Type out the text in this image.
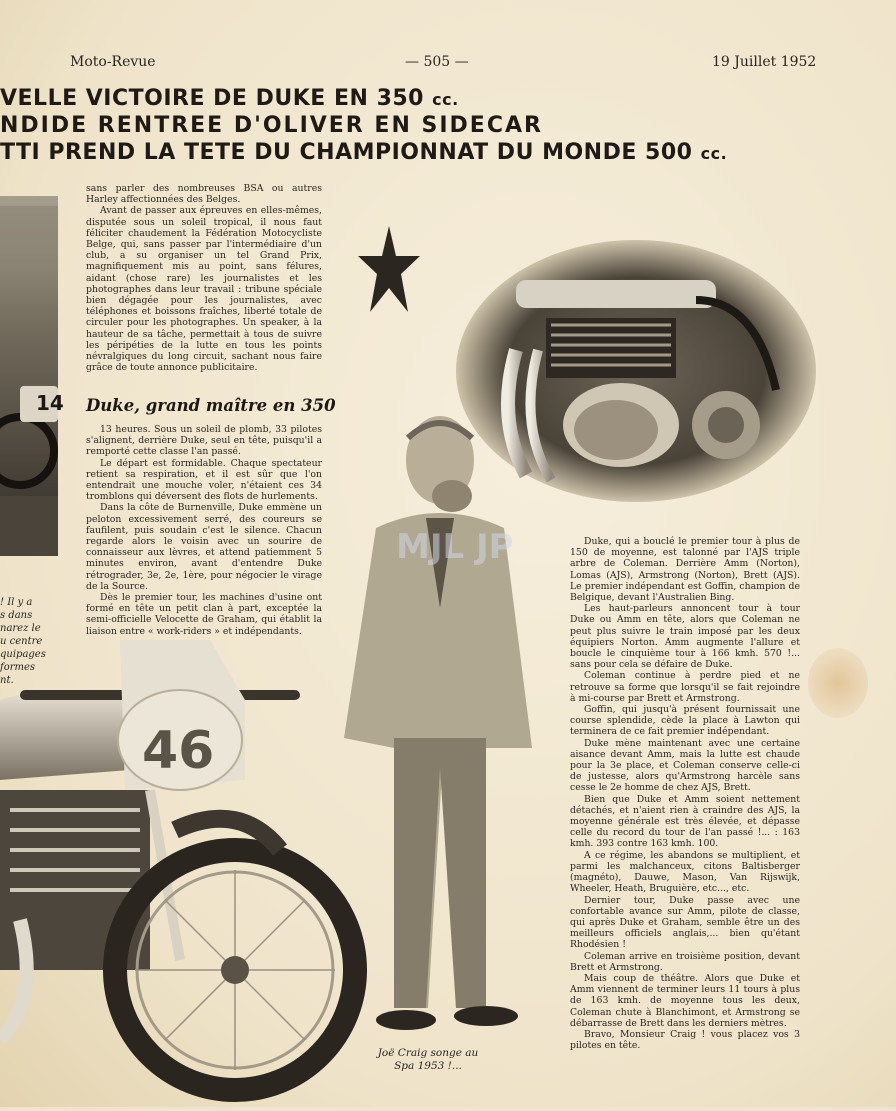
Moto-Revue	— 505 —	19 Juillet 1952
VELLE VICTOIRE DE DUKE EN 350 cc.
NDIDE RENTREE D'OLIVER EN SIDECAR
TTI PREND LA TETE DU CHAMPIONNAT DU MONDE 500 cc.
14
! Il y a
s dans
narez le
u centre
quipages
formes
nt.

sans parler des nombreuses BSA ou autres Harley affectionnées des Belges.

Avant de passer aux épreuves en elles-mêmes, disputée sous un soleil tropical, il nous faut féliciter chaudement la Fédération Motocycliste Belge, qui, sans passer par l'intermédiaire d'un club, a su organiser un tel Grand Prix, magnifiquement mis au point, sans félures, aidant (chose rare) les journalistes et les photographes dans leur travail : tribune spéciale bien dégagée pour les journalistes, avec téléphones et boissons fraîches, liberté totale de circuler pour les photographes. Un speaker, à la hauteur de sa tâche, permettait à tous de suivre les péripéties de la lutte en tous les points névralgiques du long circuit, sachant nous faire grâce de toute annonce publicitaire.

Duke, grand maître en 350

13 heures. Sous un soleil de plomb, 33 pilotes s'alignent, derrière Duke, seul en tête, puisqu'il a remporté cette classe l'an passé.

Le départ est formidable. Chaque spectateur retient sa respiration, et il est sûr que l'on entendrait une mouche voler, n'étaient ces 34 tromblons qui déversent des flots de hurlements.

Dans la côte de Burnenville, Duke emmène un peloton excessivement serré, des coureurs se faufilent, puis soudain c'est le silence. Chacun regarde alors le voisin avec un sourire de connaisseur aux lèvres, et attend patiemment 5 minutes environ, avant d'entendre Duke rétrograder, 3e, 2e, 1ère, pour négocier le virage de la Source.

Dès le premier tour, les machines d'usine ont formé en tête un petit clan à part, exceptée la semi-officielle Velocette de Graham, qui établit la liaison entre « work-riders » et indépendants.

MJL JP
46

Duke, qui a bouclé le premier tour à plus de 150 de moyenne, est talonné par l'AJS triple arbre de Coleman. Derrière Amm (Norton), Lomas (AJS), Armstrong (Norton), Brett (AJS). Le premier indépendant est Goffin, champion de Belgique, devant l'Australien Bing.

Les haut-parleurs annoncent tour à tour Duke ou Amm en tête, alors que Coleman ne peut plus suivre le train imposé par les deux équipiers Norton. Amm augmente l'allure et boucle le cinquième tour à 166 kmh. 570 !... sans pour cela se défaire de Duke.

Coleman continue à perdre pied et ne retrouve sa forme que lorsqu'il se fait rejoindre à mi-course par Brett et Armstrong.

Goffin, qui jusqu'à présent fournissait une course splendide, cède la place à Lawton qui terminera de ce fait premier indépendant.

Duke mène maintenant avec une certaine aisance devant Amm, mais la lutte est chaude pour la 3e place, et Coleman conserve celle-ci de justesse, alors qu'Armstrong harcèle sans cesse le 2e homme de chez AJS, Brett.

Bien que Duke et Amm soient nettement détachés, et n'aient rien à craindre des AJS, la moyenne générale est très élevée, et dépasse celle du record du tour de l'an passé !... : 163 kmh. 393 contre 163 kmh. 100.

A ce régime, les abandons se multiplient, et parmi les malchanceux, citons Baltisberger (magnéto), Dauwe, Mason, Van Rijswijk, Wheeler, Heath, Bruguière, etc..., etc.

Dernier tour, Duke passe avec une confortable avance sur Amm, pilote de classe, qui après Duke et Graham, semble être un des meilleurs officiels anglais,... bien qu'étant Rhodésien !

Coleman arrive en troisième position, devant Brett et Armstrong.

Mais coup de théâtre. Alors que Duke et Amm viennent de terminer leurs 11 tours à plus de 163 kmh. de moyenne tous les deux, Coleman chute à Blanchimont, et Armstrong se débarrasse de Brett dans les derniers mètres.

Bravo, Monsieur Craig ! vous placez vos 3 pilotes en tête.

Joë Craig songe au
Spa 1953 !...
